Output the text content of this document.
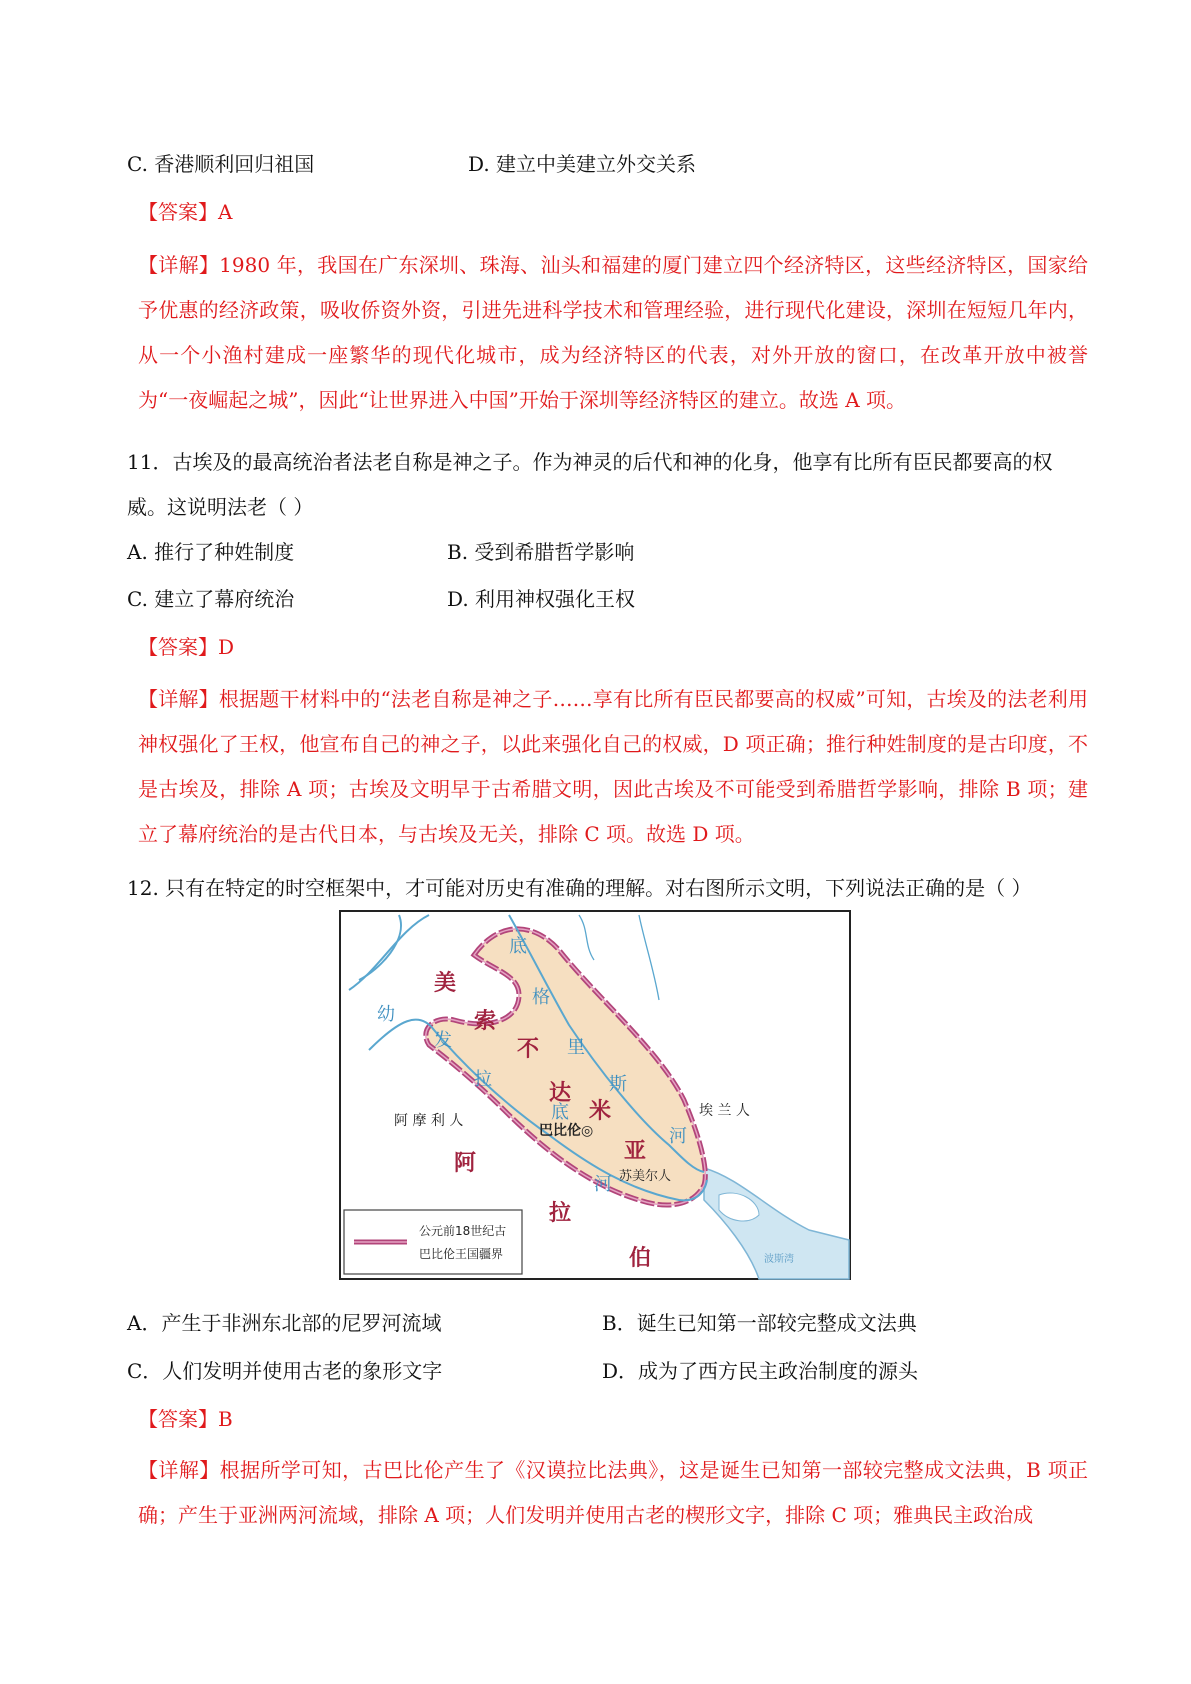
C. 香港顺利回归祖国	D. 建立中美建立外交关系
【答案】A
【详解】1980 年，我国在广东深圳、珠海、汕头和福建的厦门建立四个经济特区，这些经济特区，国家给予优惠的经济政策，吸收侨资外资，引进先进科学技术和管理经验，进行现代化建设，深圳在短短几年内，从一个小渔村建成一座繁华的现代化城市，成为经济特区的代表，对外开放的窗口，在改革开放中被誉为“一夜崛起之城”，因此“让世界进入中国”开始于深圳等经济特区的建立。故选 A 项。
11．古埃及的最高统治者法老自称是神之子。作为神灵的后代和神的化身，他享有比所有臣民都要高的权威。这说明法老（ ）
A. 推行了种姓制度	B. 受到希腊哲学影响
C. 建立了幕府统治	D. 利用神权强化王权
【答案】D
【详解】根据题干材料中的“法老自称是神之子……享有比所有臣民都要高的权威”可知，古埃及的法老利用神权强化了王权，他宣布自己的神之子，以此来强化自己的权威，D 项正确；推行种姓制度的是古印度，不是古埃及，排除 A 项；古埃及文明早于古希腊文明，因此古埃及不可能受到希腊哲学影响，排除 B 项；建立了幕府统治的是古代日本，与古埃及无关，排除 C 项。故选 D 项。
12. 只有在特定的时空框架中，才可能对历史有准确的理解。对右图所示文明，下列说法正确的是（ ）
美
索
不
达
米
亚
底
格
里
斯
河
幼
发
拉
底
河
阿 摩 利 人
埃 兰 人
苏美尔人
巴比伦◎
阿
拉
伯	波斯湾
公元前18世纪古
巴比伦王国疆界
A．产生于非洲东北部的尼罗河流域	B．诞生已知第一部较完整成文法典
C．人们发明并使用古老的象形文字	D．成为了西方民主政治制度的源头
【答案】B
【详解】根据所学可知，古巴比伦产生了《汉谟拉比法典》，这是诞生已知第一部较完整成文法典，B 项正确；产生于亚洲两河流域，排除 A 项；人们发明并使用古老的楔形文字，排除 C 项；雅典民主政治成
